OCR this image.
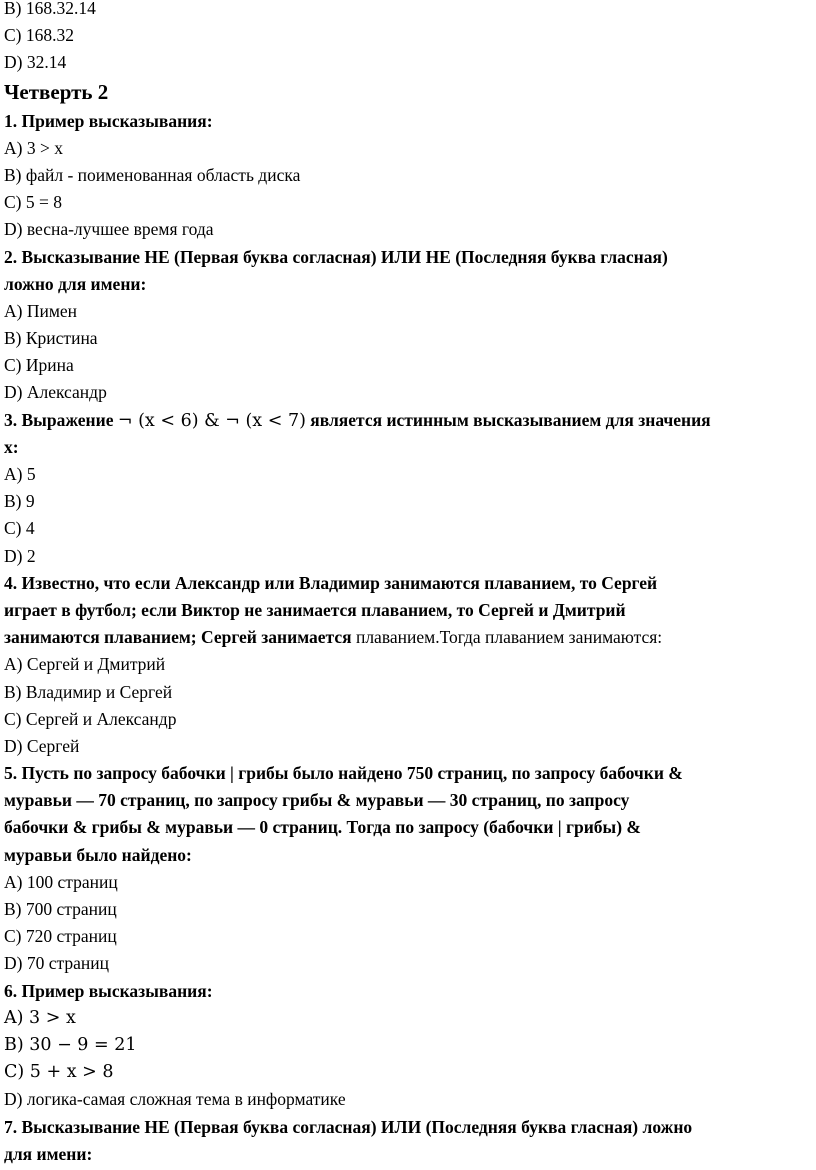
B) 168.32.14
C) 168.32
D) 32.14
Четверть 2
1. Пример высказывания:
A) 3 > x
B) файл - поименованная область диска
C) 5 = 8
D) весна-лучшее время года
2. Высказывание НЕ (Первая буква согласная) ИЛИ НЕ (Последняя буква гласная)
ложно для имени:
A) Пимен
B) Кристина
C) Ирина
D) Александр
3. Выражение ¬ (x < 6) & ¬ (x < 7) является истинным высказыванием для значения
x:
A) 5
B) 9
C) 4
D) 2
4. Известно, что если Александр или Владимир занимаются плаванием, то Сергей
играет в футбол; если Виктор не занимается плаванием, то Сергей и Дмитрий
занимаются плаванием; Сергей занимается плаванием.Тогда плаванием занимаются:
A) Сергей и Дмитрий
B) Владимир и Сергей
C) Сергей и Александр
D) Сергей
5. Пусть по запросу бабочки | грибы было найдено 750 страниц, по запросу бабочки &
муравьи — 70 страниц, по запросу грибы & муравьи — 30 страниц, по запросу
бабочки & грибы & муравьи — 0 страниц. Тогда по запросу (бабочки | грибы) &
муравьи было найдено:
A) 100 страниц
B) 700 страниц
C) 720 страниц
D) 70 страниц
6. Пример высказывания:
A) 3 > x
B) 30 − 9 = 21
C) 5 + x > 8
D) логика-самая сложная тема в информатике
7. Высказывание НЕ (Первая буква согласная) ИЛИ (Последняя буква гласная) ложно
для имени:
